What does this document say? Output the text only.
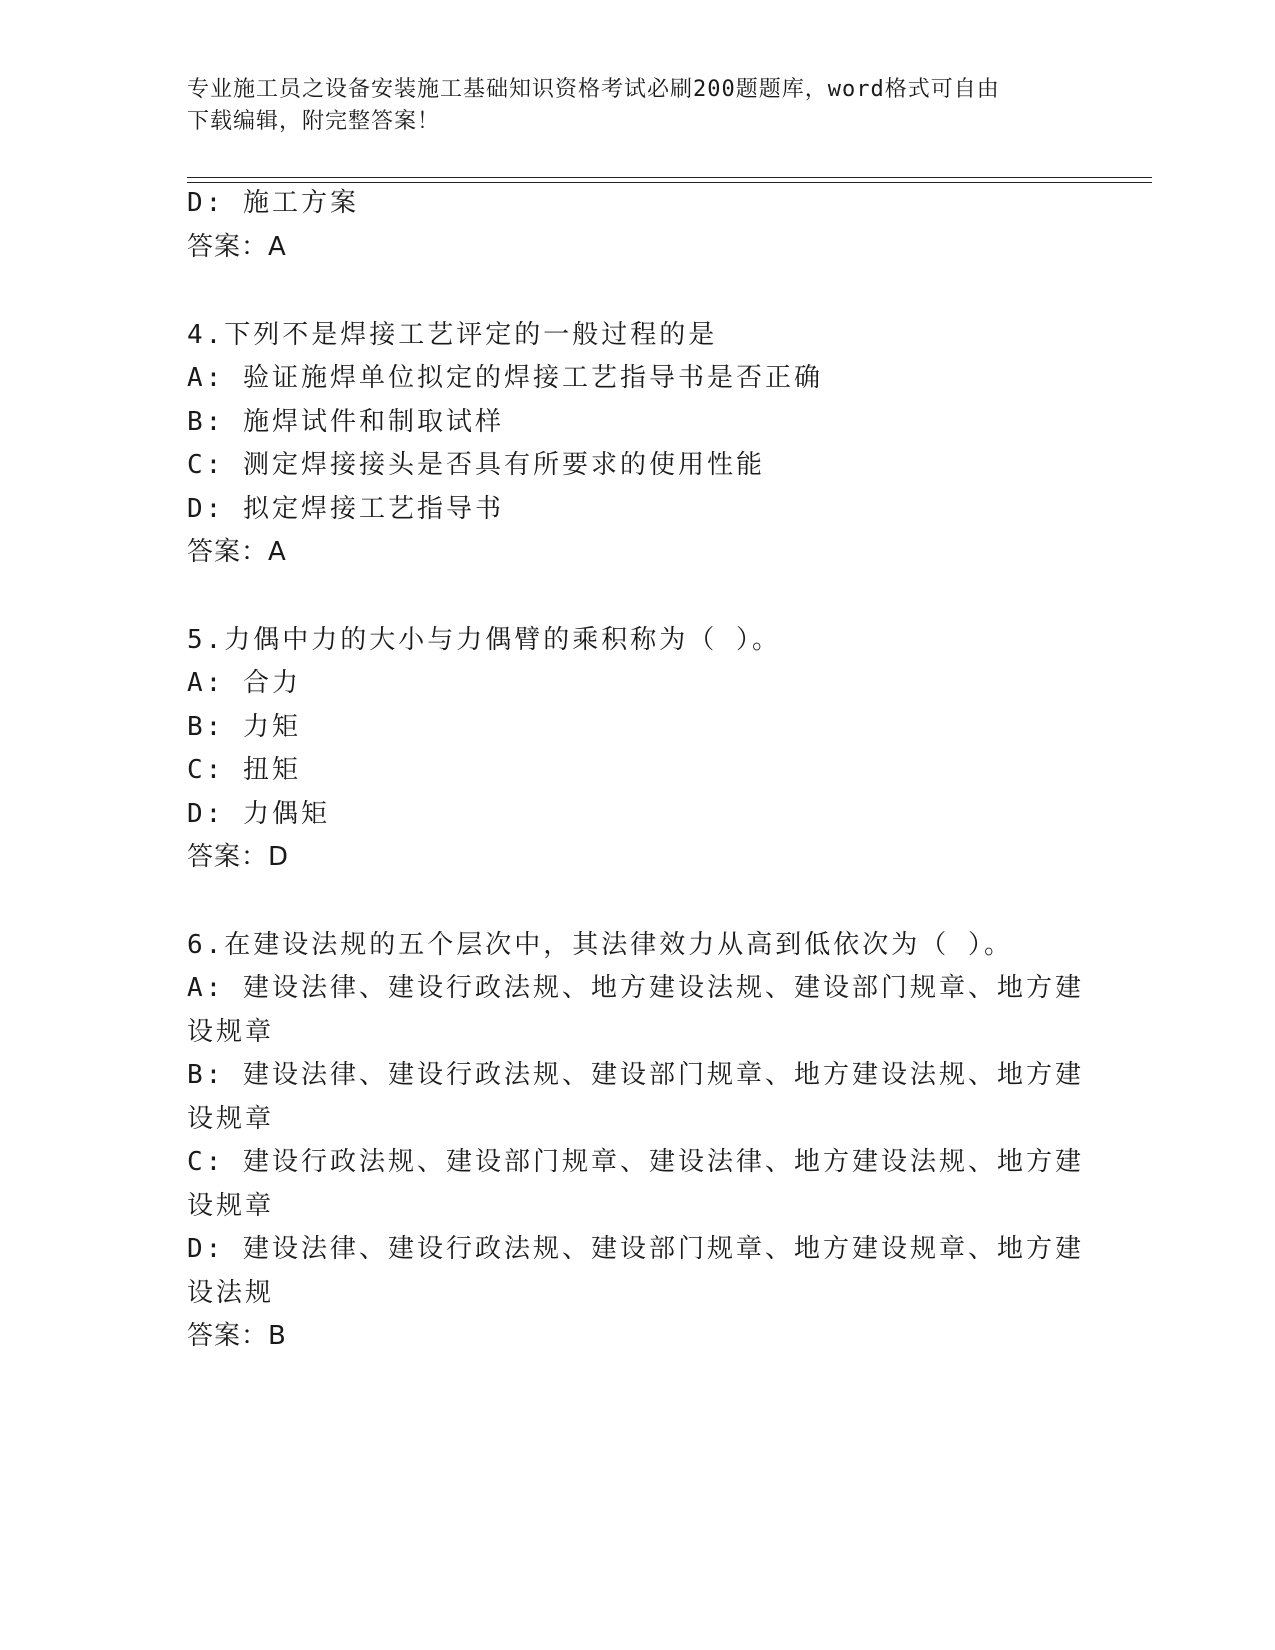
专业施工员之设备安装施工基础知识资格考试必刷200题题库，word格式可自由
下载编辑，附完整答案！
D: 施工方案
答案：A
4.下列不是焊接工艺评定的一般过程的是
A: 验证施焊单位拟定的焊接工艺指导书是否正确
B: 施焊试件和制取试样
C: 测定焊接接头是否具有所要求的使用性能
D: 拟定焊接工艺指导书
答案：A
5.力偶中力的大小与力偶臂的乘积称为（ ）。
A: 合力
B: 力矩
C: 扭矩
D: 力偶矩
答案：D
6.在建设法规的五个层次中，其法律效力从高到低依次为（ ）。
A: 建设法律、建设行政法规、地方建设法规、建设部门规章、地方建
设规章
B: 建设法律、建设行政法规、建设部门规章、地方建设法规、地方建
设规章
C: 建设行政法规、建设部门规章、建设法律、地方建设法规、地方建
设规章
D: 建设法律、建设行政法规、建设部门规章、地方建设规章、地方建
设法规
答案：B
